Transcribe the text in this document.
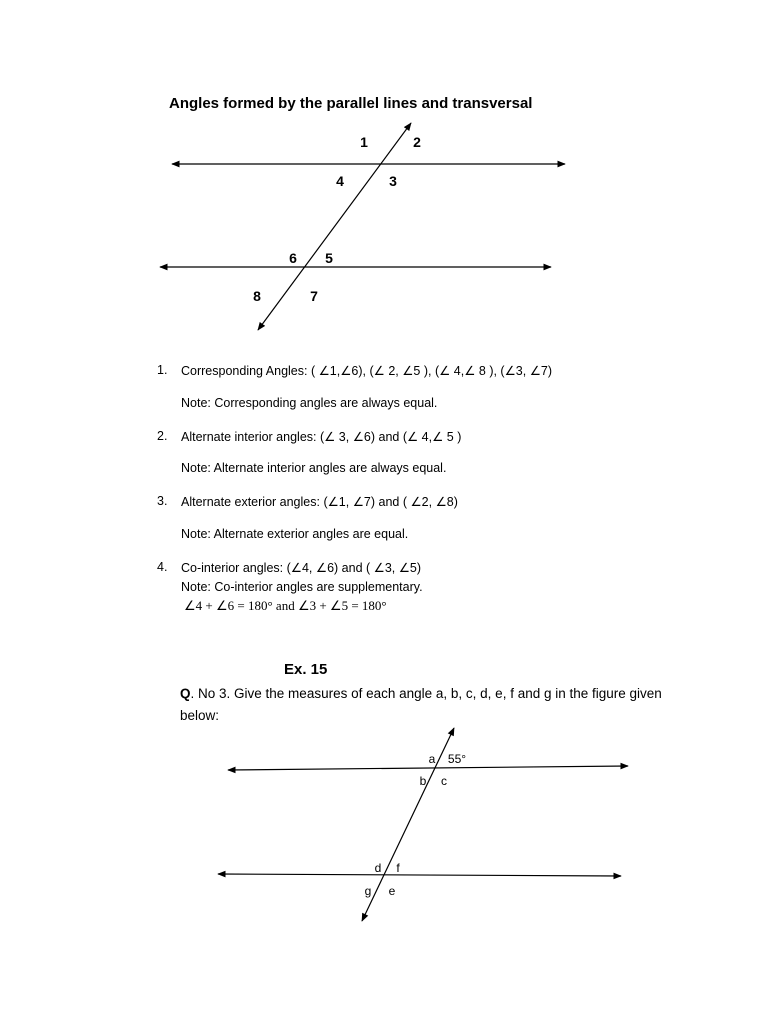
Angles formed by the parallel lines and transversal
1	2
4	3
6 5
8	7
a 55°
b c
d f
g e
1. Corresponding Angles: ( ∠1,∠6), (∠ 2, ∠5 ), (∠ 4,∠ 8 ), (∠3, ∠7)
Note: Corresponding angles are always equal.
2. Alternate interior angles: (∠ 3, ∠6) and (∠ 4,∠ 5 )
Note: Alternate interior angles are always equal.
3. Alternate exterior angles: (∠1, ∠7) and ( ∠2, ∠8)
Note: Alternate exterior angles are equal.
4. Co-interior angles: (∠4, ∠6) and ( ∠3, ∠5)
Note: Co-interior angles are supplementary.
∠4 + ∠6 = 180° and ∠3 + ∠5 = 180°
Ex. 15
Q. No 3. Give the measures of each angle a, b, c, d, e, f and g in the figure given
below:
